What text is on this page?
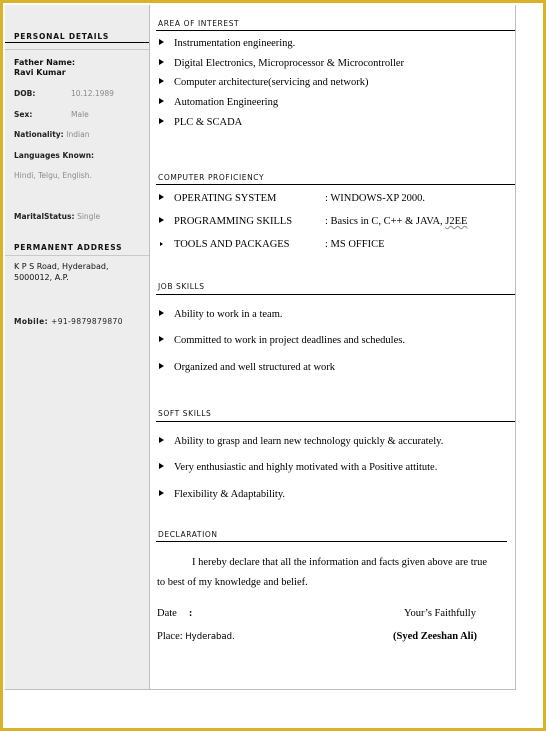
PERSONAL DETAILS
Father Name:
Ravi Kumar
DOB:	10.12.1989
Sex:	Male
Nationality: Indian
Languages Known:
Hindi, Telgu, English.
MaritalStatus: Single
PERMANENT ADDRESS
K P S Road, Hyderabad,
5000012, A.P.
Mobile: +91-9879879870
AREA OF INTEREST
Instrumentation engineering.
Digital Electronics, Microprocessor & Microcontroller
Computer architecture(servicing and network)
Automation Engineering
PLC & SCADA
COMPUTER PROFICIENCY
OPERATING SYSTEM	: WINDOWS-XP 2000.
PROGRAMMING SKILLS	: Basics in C, C++ & JAVA, J2EE
TOOLS AND PACKAGES	: MS OFFICE
JOB SKILLS
Ability to work in a team.
Committed to work in project deadlines and schedules.
Organized and well structured at work
SOFT SKILLS
Ability to grasp and learn new technology quickly & accurately.
Very enthusiastic and highly motivated with a Positive attitute.
Flexibility & Adaptability.
DECLARATION
I hereby declare that all the information and facts given above are true
to best of my knowledge and belief.
Date :	Your’s Faithfully
Place: Hyderabad.	(Syed Zeeshan Ali)
